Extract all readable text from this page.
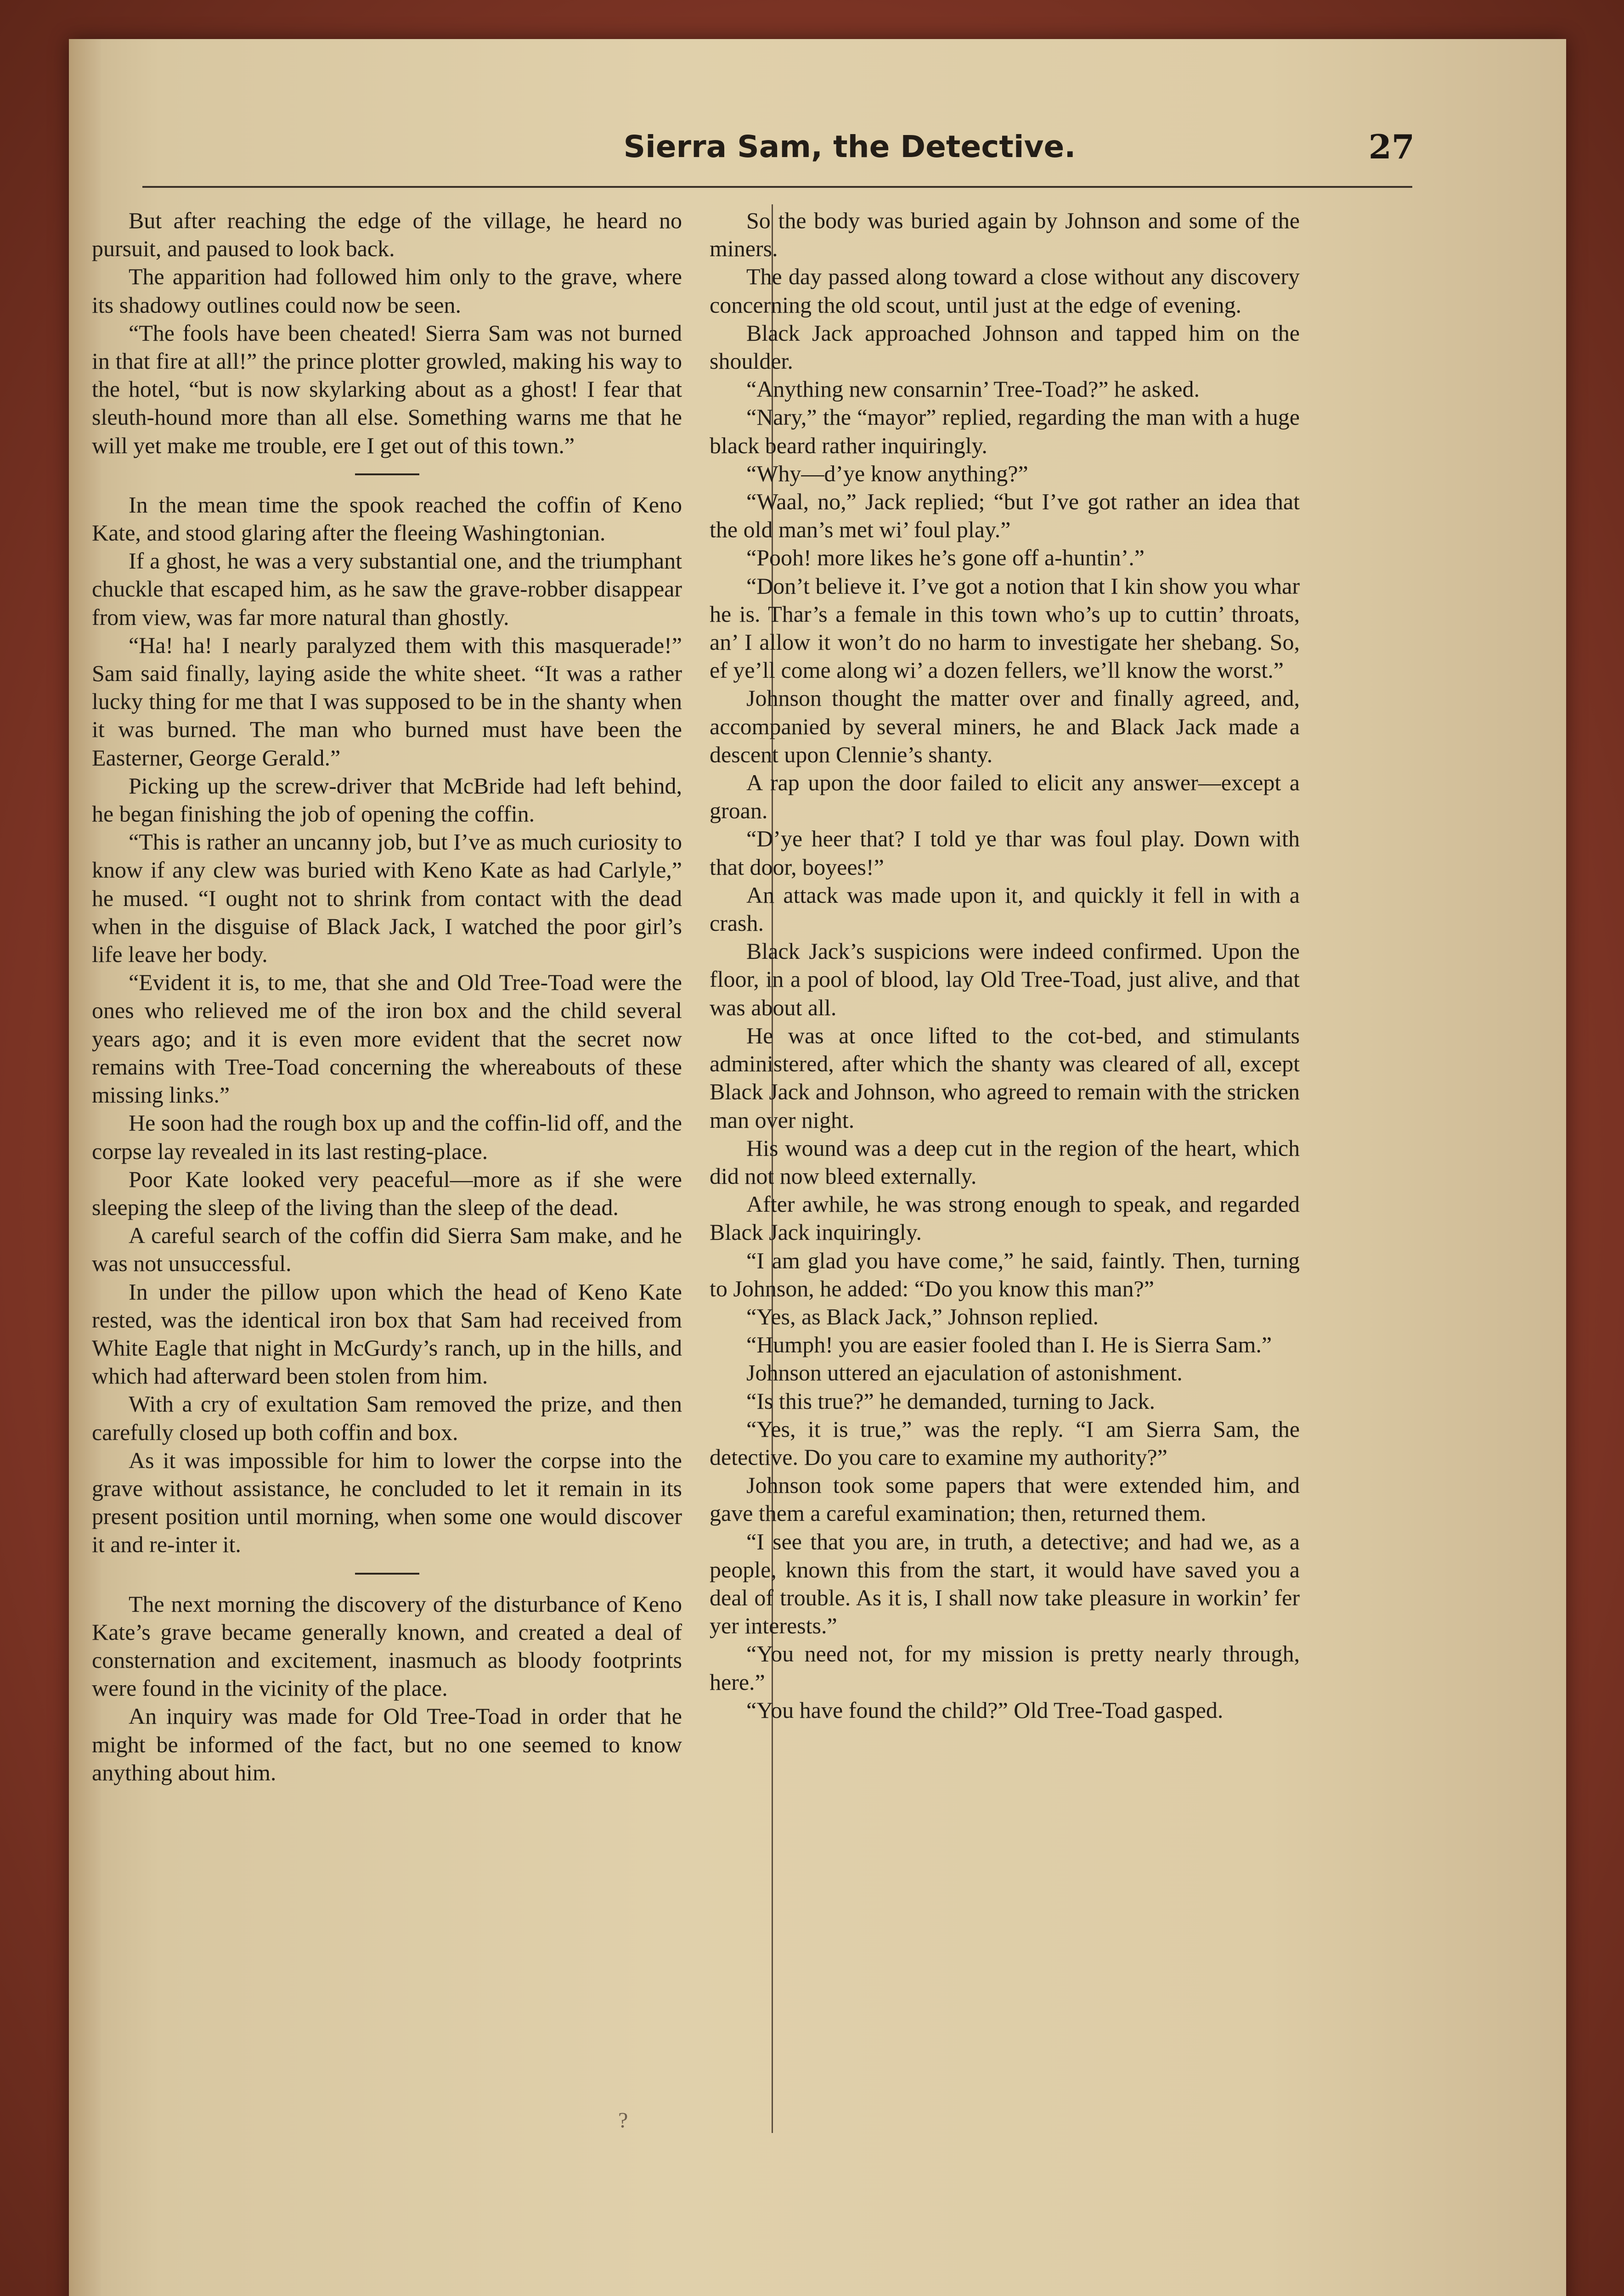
Sierra Sam, the Detective.	27

But after reaching the edge of the village, he heard no pursuit, and paused to look back.

The apparition had followed him only to the grave, where its shadowy outlines could now be seen.

“The fools have been cheated! Sierra Sam was not burned in that fire at all!” the prince plotter growled, making his way to the hotel, “but is now skylarking about as a ghost! I fear that sleuth-hound more than all else. Something warns me that he will yet make me trouble, ere I get out of this town.”

In the mean time the spook reached the coffin of Keno Kate, and stood glaring after the fleeing Washingtonian.

If a ghost, he was a very substantial one, and the triumphant chuckle that escaped him, as he saw the grave-robber disappear from view, was far more natural than ghostly.

“Ha! ha! I nearly paralyzed them with this masquerade!” Sam said finally, laying aside the white sheet. “It was a rather lucky thing for me that I was supposed to be in the shanty when it was burned. The man who burned must have been the Easterner, George Gerald.”

Picking up the screw-driver that McBride had left behind, he began finishing the job of opening the coffin.

“This is rather an uncanny job, but I’ve as much curiosity to know if any clew was buried with Keno Kate as had Carlyle,” he mused. “I ought not to shrink from contact with the dead when in the disguise of Black Jack, I watched the poor girl’s life leave her body.

“Evident it is, to me, that she and Old Tree-Toad were the ones who relieved me of the iron box and the child several years ago; and it is even more evident that the secret now remains with Tree-Toad concerning the whereabouts of these missing links.”

He soon had the rough box up and the coffin-lid off, and the corpse lay revealed in its last resting-place.

Poor Kate looked very peaceful—more as if she were sleeping the sleep of the living than the sleep of the dead.

A careful search of the coffin did Sierra Sam make, and he was not unsuccessful.

In under the pillow upon which the head of Keno Kate rested, was the identical iron box that Sam had received from White Eagle that night in McGurdy’s ranch, up in the hills, and which had afterward been stolen from him.

With a cry of exultation Sam removed the prize, and then carefully closed up both coffin and box.

As it was impossible for him to lower the corpse into the grave without assistance, he concluded to let it remain in its present position until morning, when some one would discover it and re-inter it.

The next morning the discovery of the disturbance of Keno Kate’s grave became generally known, and created a deal of consternation and excitement, inasmuch as bloody footprints were found in the vicinity of the place.

An inquiry was made for Old Tree-Toad in order that he might be informed of the fact, but no one seemed to know anything about him.

So the body was buried again by Johnson and some of the miners.

The day passed along toward a close without any discovery concerning the old scout, until just at the edge of evening.

Black Jack approached Johnson and tapped him on the shoulder.

“Anything new consarnin’ Tree-Toad?” he asked.

“Nary,” the “mayor” replied, regarding the man with a huge black beard rather inquiringly.

“Why—d’ye know anything?”

“Waal, no,” Jack replied; “but I’ve got rather an idea that the old man’s met wi’ foul play.”

“Pooh! more likes he’s gone off a-huntin’.”

“Don’t believe it. I’ve got a notion that I kin show you whar he is. Thar’s a female in this town who’s up to cuttin’ throats, an’ I allow it won’t do no harm to investigate her shebang. So, ef ye’ll come along wi’ a dozen fellers, we’ll know the worst.”

Johnson thought the matter over and finally agreed, and, accompanied by several miners, he and Black Jack made a descent upon Clennie’s shanty.

A rap upon the door failed to elicit any answer—except a groan.

“D’ye heer that? I told ye thar was foul play. Down with that door, boyees!”

An attack was made upon it, and quickly it fell in with a crash.

Black Jack’s suspicions were indeed confirmed. Upon the floor, in a pool of blood, lay Old Tree-Toad, just alive, and that was about all.

He was at once lifted to the cot-bed, and stimulants administered, after which the shanty was cleared of all, except Black Jack and Johnson, who agreed to remain with the stricken man over night.

His wound was a deep cut in the region of the heart, which did not now bleed externally.

After awhile, he was strong enough to speak, and regarded Black Jack inquiringly.

“I am glad you have come,” he said, faintly. Then, turning to Johnson, he added: “Do you know this man?”

“Yes, as Black Jack,” Johnson replied.

“Humph! you are easier fooled than I. He is Sierra Sam.”

Johnson uttered an ejaculation of astonishment.

“Is this true?” he demanded, turning to Jack.

“Yes, it is true,” was the reply. “I am Sierra Sam, the detective. Do you care to examine my authority?”

Johnson took some papers that were extended him, and gave them a careful examination; then, returned them.

“I see that you are, in truth, a detective; and had we, as a people, known this from the start, it would have saved you a deal of trouble. As it is, I shall now take pleasure in workin’ fer yer interests.”

“You need not, for my mission is pretty nearly through, here.”

“You have found the child?” Old Tree-Toad gasped.

?
